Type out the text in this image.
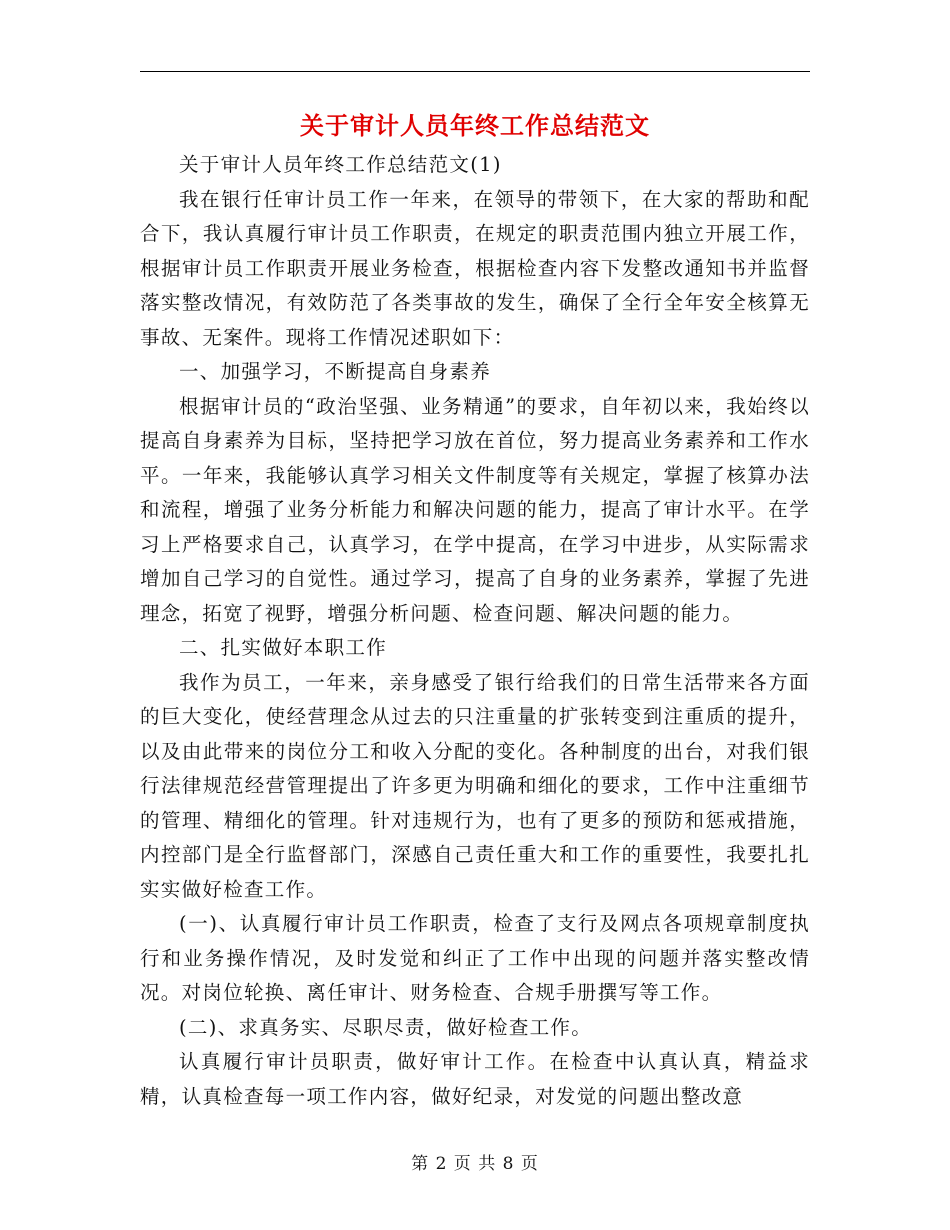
关于审计人员年终工作总结范文

关于审计人员年终工作总结范文(1)

我在银行任审计员工作一年来，在领导的带领下，在大家的帮助和配合下，我认真履行审计员工作职责，在规定的职责范围内独立开展工作，根据审计员工作职责开展业务检查，根据检查内容下发整改通知书并监督落实整改情况，有效防范了各类事故的发生，确保了全行全年安全核算无事故、无案件。现将工作情况述职如下：

一、加强学习，不断提高自身素养

根据审计员的“政治坚强、业务精通”的要求，自年初以来，我始终以提高自身素养为目标，坚持把学习放在首位，努力提高业务素养和工作水平。一年来，我能够认真学习相关文件制度等有关规定，掌握了核算办法和流程，增强了业务分析能力和解决问题的能力，提高了审计水平。在学习上严格要求自己，认真学习，在学中提高，在学习中进步，从实际需求增加自己学习的自觉性。通过学习，提高了自身的业务素养，掌握了先进理念，拓宽了视野，增强分析问题、检查问题、解决问题的能力。

二、扎实做好本职工作

我作为员工，一年来，亲身感受了银行给我们的日常生活带来各方面的巨大变化，使经营理念从过去的只注重量的扩张转变到注重质的提升，以及由此带来的岗位分工和收入分配的变化。各种制度的出台，对我们银行法律规范经营管理提出了许多更为明确和细化的要求，工作中注重细节的管理、精细化的管理。针对违规行为，也有了更多的预防和惩戒措施，内控部门是全行监督部门，深感自己责任重大和工作的重要性，我要扎扎实实做好检查工作。

(一)、认真履行审计员工作职责，检查了支行及网点各项规章制度执行和业务操作情况，及时发觉和纠正了工作中出现的问题并落实整改情况。对岗位轮换、离任审计、财务检查、合规手册撰写等工作。

(二)、求真务实、尽职尽责，做好检查工作。

认真履行审计员职责，做好审计工作。在检查中认真认真，精益求精，认真检查每一项工作内容，做好纪录，对发觉的问题出整改意

第 2 页 共 8 页
